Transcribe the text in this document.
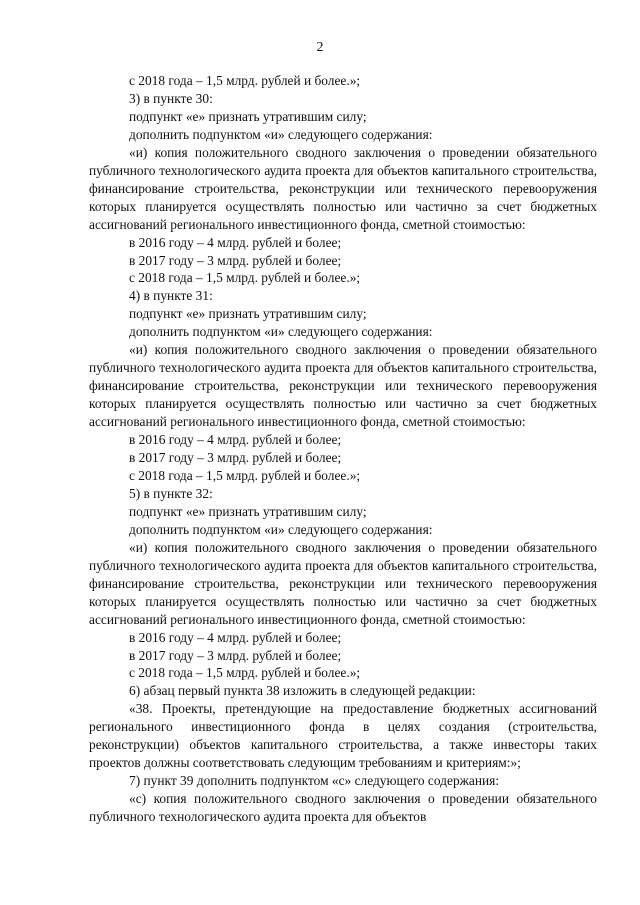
2

с 2018 года – 1,5 млрд. рублей и более.»;

3) в пункте 30:

подпункт «е» признать утратившим силу;

дополнить подпунктом «и» следующего содержания:

«и) копия положительного сводного заключения о проведении обязательного публичного технологического аудита проекта для объектов капитального строительства, финансирование строительства, реконструкции или технического перевооружения которых планируется осуществлять полностью или частично за счет бюджетных ассигнований регионального инвестиционного фонда, сметной стоимостью:

в 2016 году – 4 млрд. рублей и более;

в 2017 году – 3 млрд. рублей и более;

с 2018 года – 1,5 млрд. рублей и более.»;

4) в пункте 31:

подпункт «е» признать утратившим силу;

дополнить подпунктом «и» следующего содержания:

«и) копия положительного сводного заключения о проведении обязательного публичного технологического аудита проекта для объектов капитального строительства, финансирование строительства, реконструкции или технического перевооружения которых планируется осуществлять полностью или частично за счет бюджетных ассигнований регионального инвестиционного фонда, сметной стоимостью:

в 2016 году – 4 млрд. рублей и более;

в 2017 году – 3 млрд. рублей и более;

с 2018 года – 1,5 млрд. рублей и более.»;

5) в пункте 32:

подпункт «е» признать утратившим силу;

дополнить подпунктом «и» следующего содержания:

«и) копия положительного сводного заключения о проведении обязательного публичного технологического аудита проекта для объектов капитального строительства, финансирование строительства, реконструкции или технического перевооружения которых планируется осуществлять полностью или частично за счет бюджетных ассигнований регионального инвестиционного фонда, сметной стоимостью:

в 2016 году – 4 млрд. рублей и более;

в 2017 году – 3 млрд. рублей и более;

с 2018 года – 1,5 млрд. рублей и более.»;

6) абзац первый пункта 38 изложить в следующей редакции:

«38. Проекты, претендующие на предоставление бюджетных ассигнований регионального инвестиционного фонда в целях создания (строительства, реконструкции) объектов капитального строительства, а также инвесторы таких проектов должны соответствовать следующим требованиям и критериям:»;

7) пункт 39 дополнить подпунктом «с» следующего содержания:

«с) копия положительного сводного заключения о проведении обязательного публичного технологического аудита проекта для объектов
